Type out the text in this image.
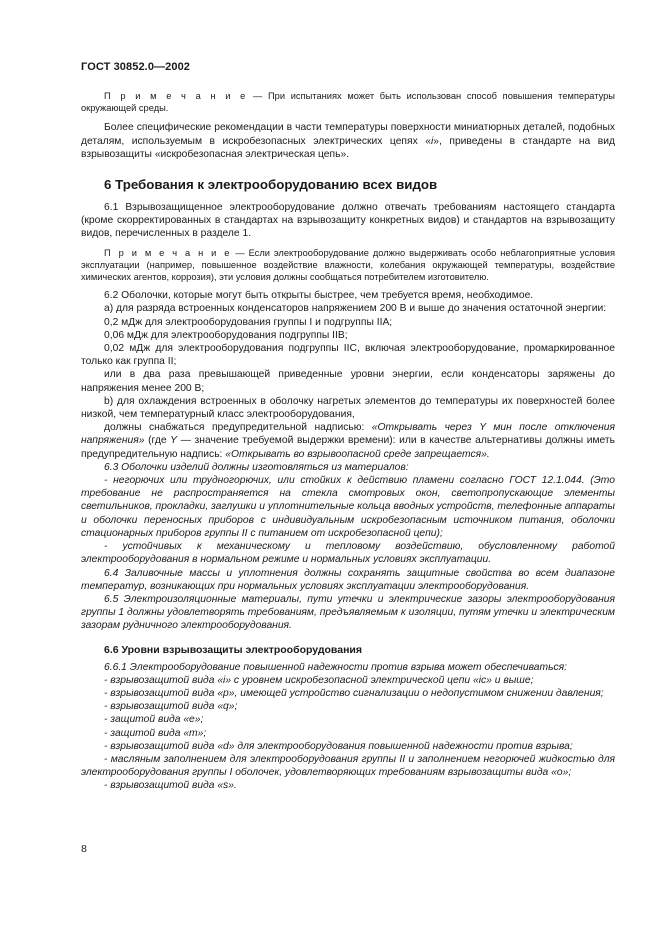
ГОСТ 30852.0—2002

П р и м е ч а н и е — При испытаниях может быть использован способ повышения температуры окружающей среды.

Более специфические рекомендации в части температуры поверхности миниатюрных деталей, подобных деталям, используемым в искробезопасных электрических цепях «i», приведены в стандарте на вид взрывозащиты «искробезопасная электрическая цепь».

6 Требования к электрооборудованию всех видов

6.1 Взрывозащищенное электрооборудование должно отвечать требованиям настоящего стандарта (кроме скорректированных в стандартах на взрывозащиту конкретных видов) и стандартов на взрывозащиту видов, перечисленных в разделе 1.

П р и м е ч а н и е — Если электрооборудование должно выдерживать особо неблагоприятные условия эксплуатации (например, повышенное воздействие влажности, колебания окружающей температуры, воздействие химических агентов, коррозия), эти условия должны сообщаться потребителем изготовителю.

6.2 Оболочки, которые могут быть открыты быстрее, чем требуется время, необходимое.

а) для разряда встроенных конденсаторов напряжением 200 В и выше до значения остаточной энергии:

0,2 мДж для электрооборудования группы I и подгруппы IIA;

0,06 мДж для электрооборудования подгруппы IIB;

0,02 мДж для электрооборудования подгруппы IIC, включая электрооборудование, промаркированное только как группа II;

или в два раза превышающей приведенные уровни энергии, если конденсаторы заряжены до напряжения менее 200 В;

b) для охлаждения встроенных в оболочку нагретых элементов до температуры их поверхностей более низкой, чем температурный класс электрооборудования,

должны снабжаться предупредительной надписью: «Открывать через Y мин после отключения напряжения» (где Y — значение требуемой выдержки времени): или в качестве альтернативы должны иметь предупредительную надпись: «Открывать во взрывоопасной среде запрещается».

6.3 Оболочки изделий должны изготовляться из материалов:

- негорючих или трудногорючих, или стойких к действию пламени согласно ГОСТ 12.1.044. (Это требование не распространяется на стекла смотровых окон, светопропускающие элементы светильников, прокладки, заглушки и уплотнительные кольца вводных устройств, телефонные аппараты и оболочки переносных приборов с индивидуальным искробезопасным источником питания, оболочки стационарных приборов группы II с питанием от искробезопасной цепи);

- устойчивых к механическому и тепловому воздействию, обусловленному работой электрооборудования в нормальном режиме и нормальных условиях эксплуатации.

6.4 Заливочные массы и уплотнения должны сохранять защитные свойства во всем диапазоне температур, возникающих при нормальных условиях эксплуатации электрооборудования.

6.5 Электроизоляционные материалы, пути утечки и электрические зазоры электрооборудования группы 1 должны удовлетворять требованиям, предъявляемым к изоляции, путям утечки и электрическим зазорам рудничного электрооборудования.

6.6 Уровни взрывозащиты электрооборудования

6.6.1 Электрооборудование повышенной надежности против взрыва может обеспечиваться:

- взрывозащитой вида «i» с уровнем искробезопасной электрической цепи «ic» и выше;

- взрывозащитой вида «р», имеющей устройство сигнализации о недопустимом снижении давления;

- взрывозащитой вида «q»;

- защитой вида «е»;

- защитой вида «m»;

- взрывозащитой вида «d» для электрооборудования повышенной надежности против взрыва;

- масляным заполнением для электрооборудования группы II и заполнением негорючей жидкостью для электрооборудования группы I оболочек, удовлетворяющих требованиям взрывозащиты вида «о»;

- взрывозащитой вида «s».

8
